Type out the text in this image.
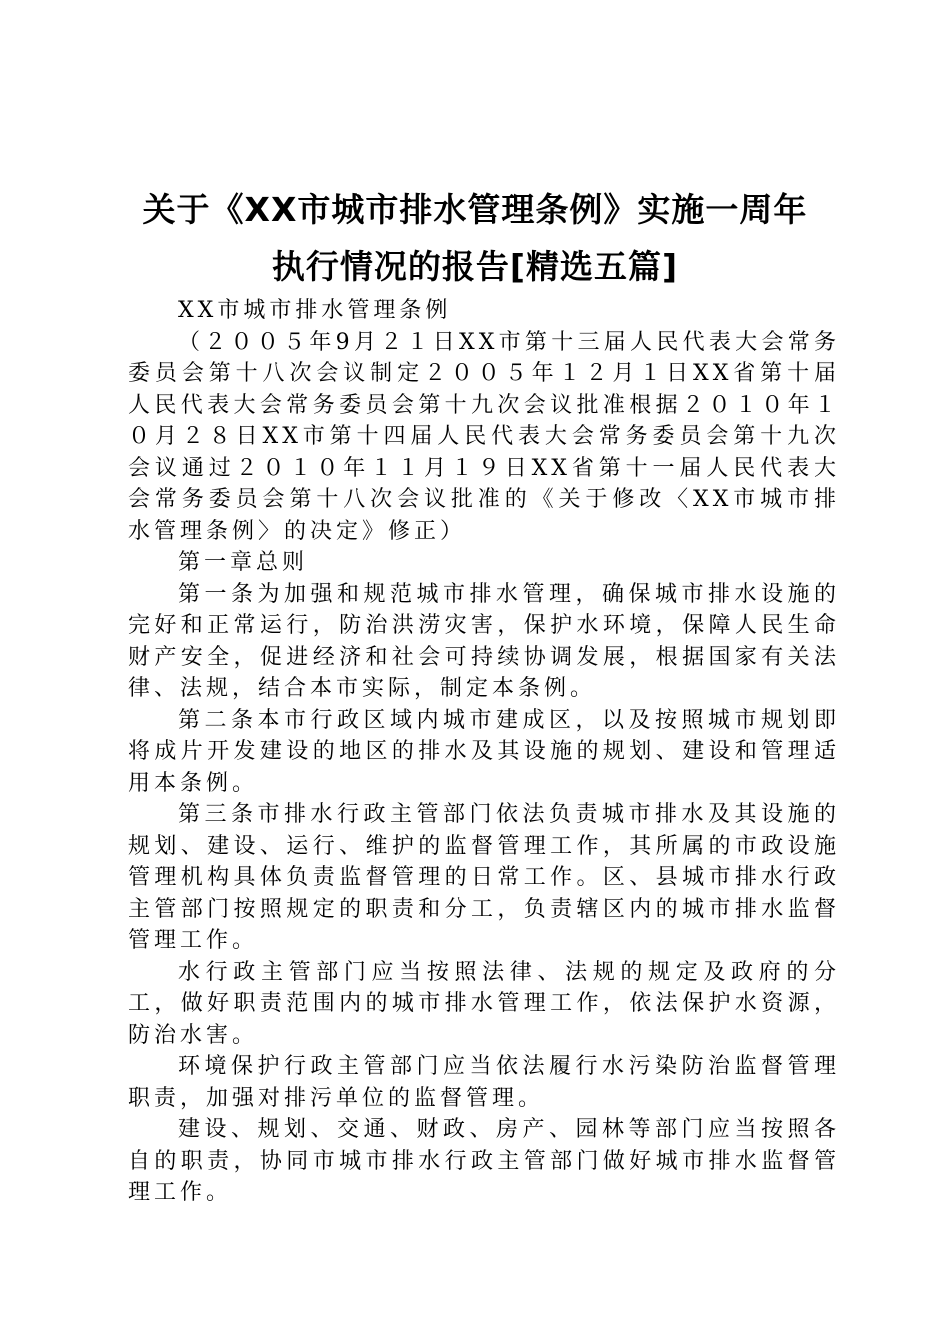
关于《XX市城市排水管理条例》实施一周年
执行情况的报告[精选五篇]

XX市城市排水管理条例

（２００５年9月２１日XX市第十三届人民代表大会常务委员会第十八次会议制定２００５年１２月１日XX省第十届人民代表大会常务委员会第十九次会议批准根据２０１０年１０月２８日XX市第十四届人民代表大会常务委员会第十九次会议通过２０１０年１１月１９日XX省第十一届人民代表大会常务委员会第十八次会议批准的《关于修改〈XX市城市排水管理条例〉的决定》修正）

第一章总则

第一条为加强和规范城市排水管理，确保城市排水设施的完好和正常运行，防治洪涝灾害，保护水环境，保障人民生命财产安全，促进经济和社会可持续协调发展，根据国家有关法律、法规，结合本市实际，制定本条例。

第二条本市行政区域内城市建成区，以及按照城市规划即将成片开发建设的地区的排水及其设施的规划、建设和管理适用本条例。

第三条市排水行政主管部门依法负责城市排水及其设施的规划、建设、运行、维护的监督管理工作，其所属的市政设施管理机构具体负责监督管理的日常工作。区、县城市排水行政主管部门按照规定的职责和分工，负责辖区内的城市排水监督管理工作。

水行政主管部门应当按照法律、法规的规定及政府的分工，做好职责范围内的城市排水管理工作，依法保护水资源，防治水害。

环境保护行政主管部门应当依法履行水污染防治监督管理职责，加强对排污单位的监督管理。

建设、规划、交通、财政、房产、园林等部门应当按照各自的职责，协同市城市排水行政主管部门做好城市排水监督管理工作。
